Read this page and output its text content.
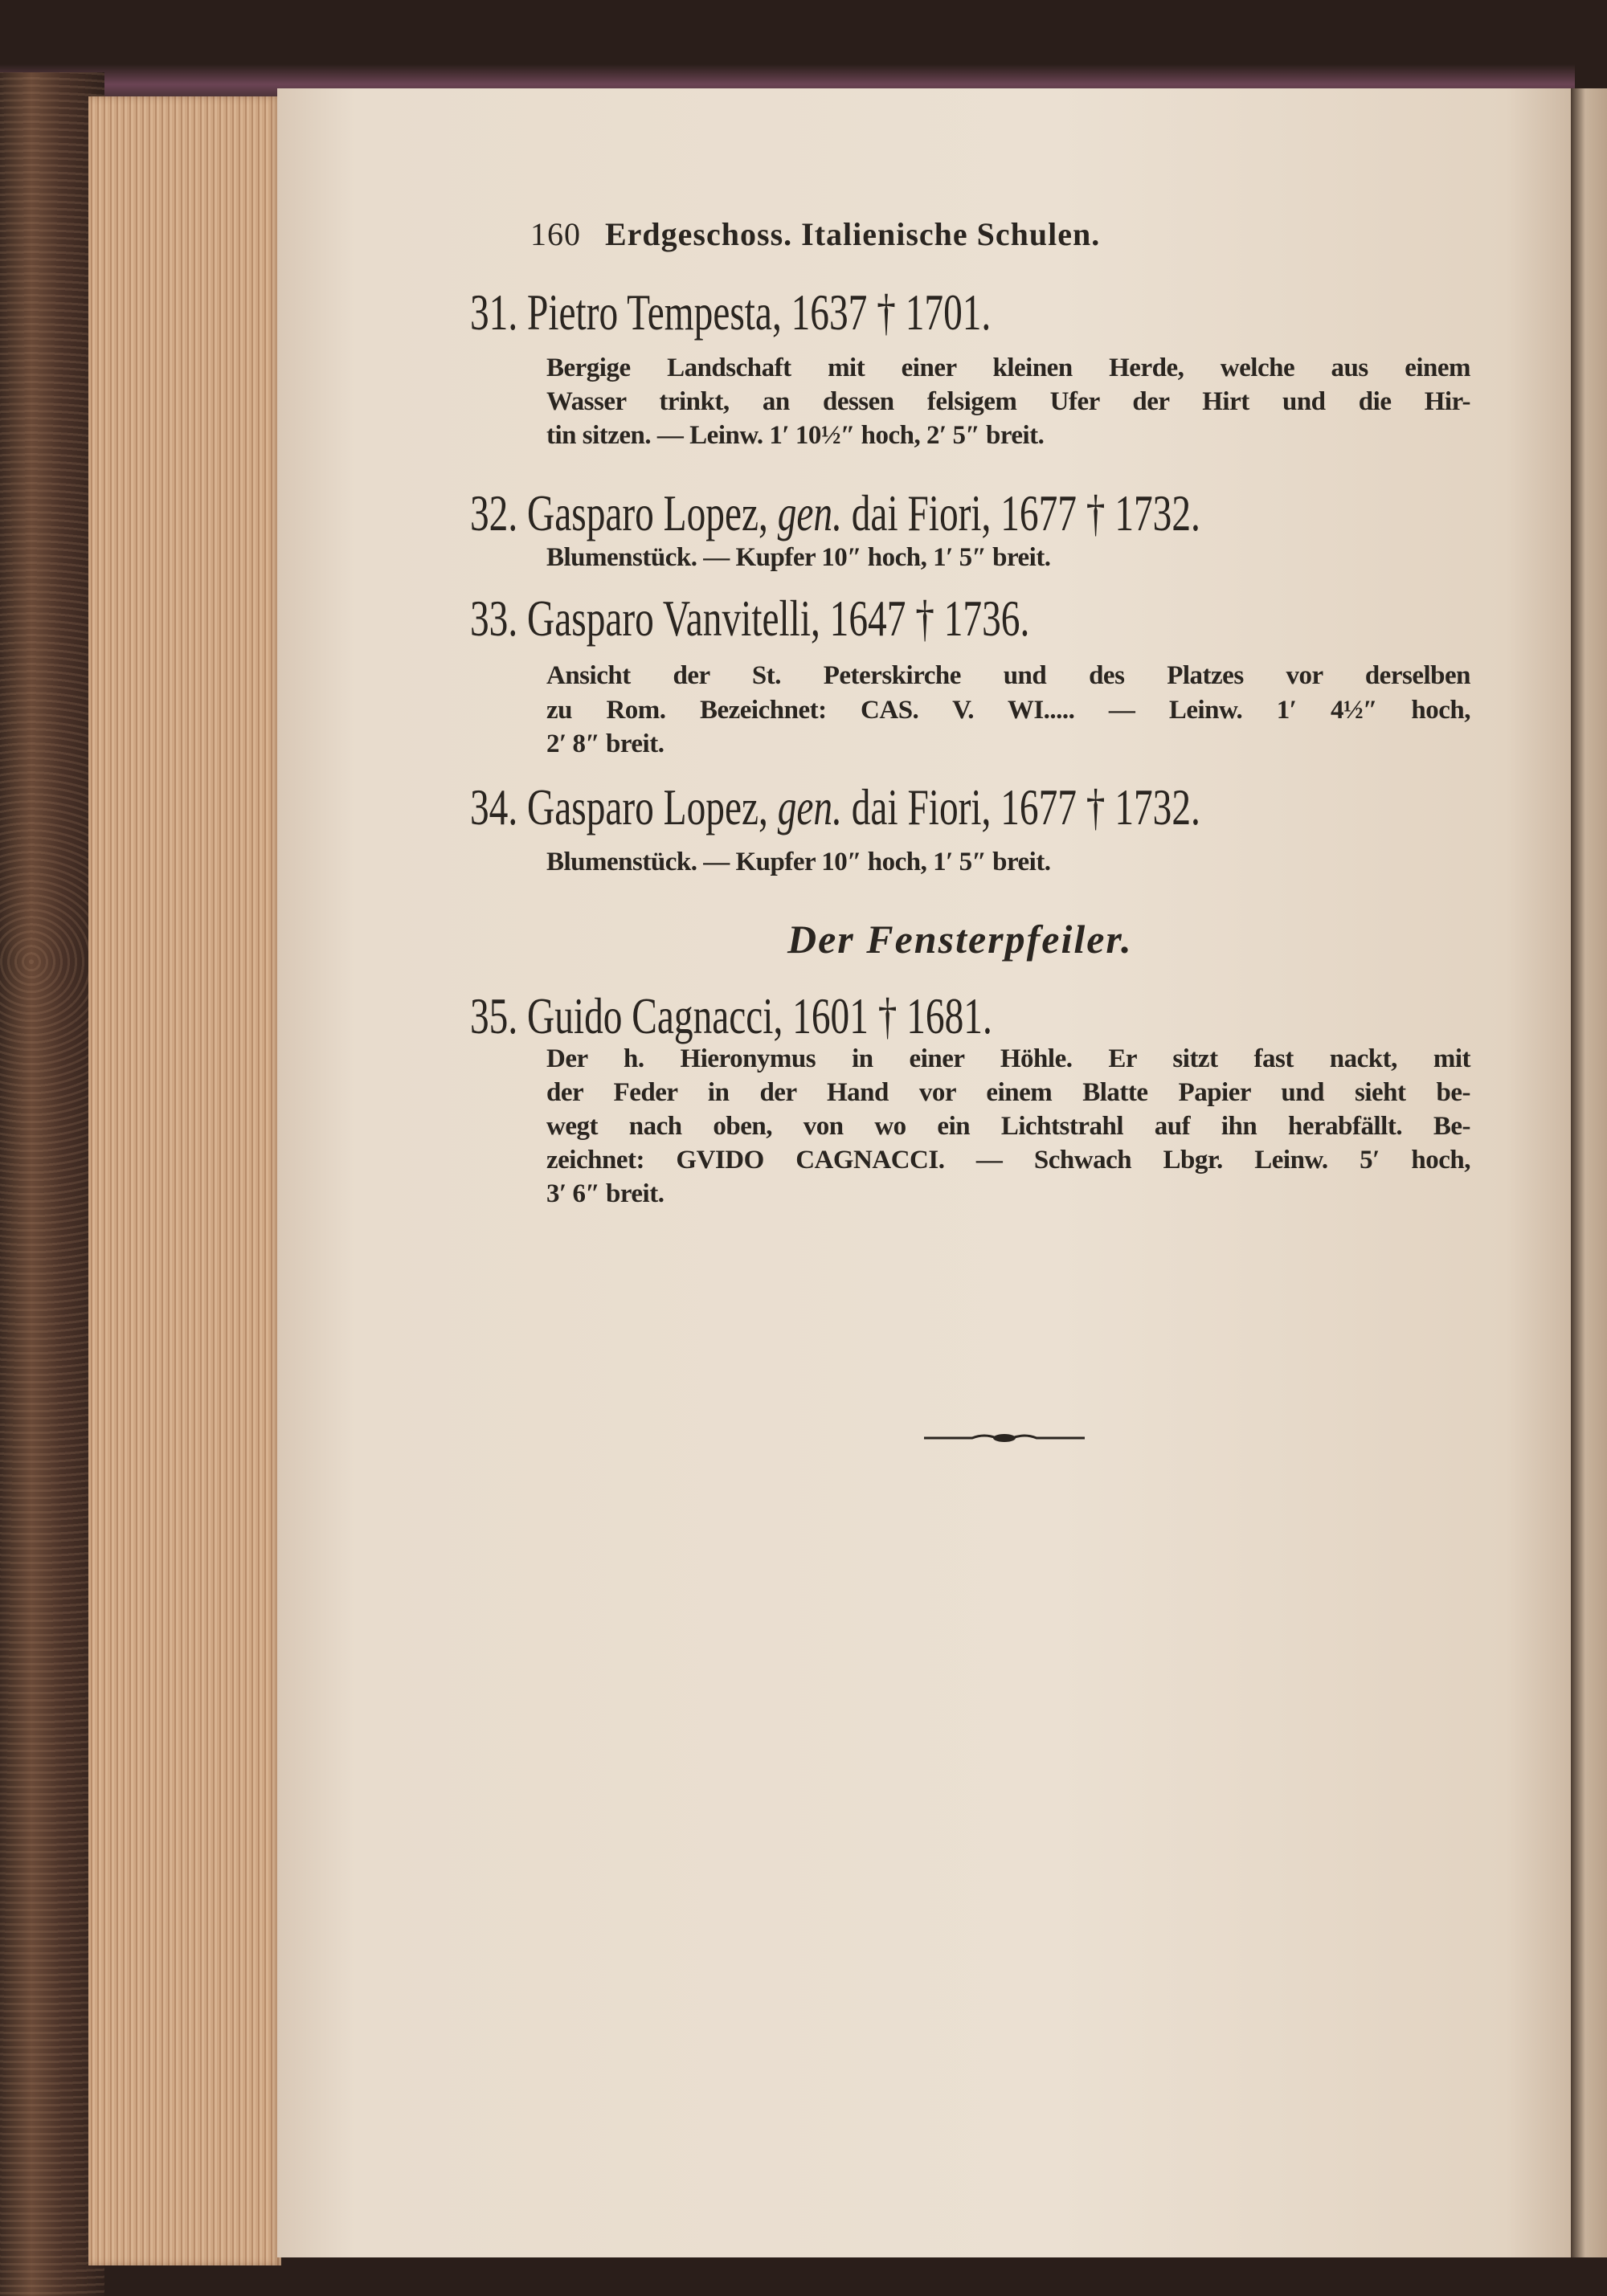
160 Erdgeschoss. Italienische Schulen.
31. Pietro Tempesta, 1637 † 1701.
Bergige Landschaft mit einer kleinen Herde, welche aus einem
Wasser trinkt, an dessen felsigem Ufer der Hirt und die Hir-
tin sitzen. — Leinw. 1′ 10½″ hoch, 2′ 5″ breit.
32. Gasparo Lopez, gen. dai Fiori, 1677 † 1732.
Blumenstück. — Kupfer 10″ hoch, 1′ 5″ breit.
33. Gasparo Vanvitelli, 1647 † 1736.
Ansicht der St. Peterskirche und des Platzes vor derselben
zu Rom. Bezeichnet: CAS. V. WI..... — Leinw. 1′ 4½″ hoch,
2′ 8″ breit.
34. Gasparo Lopez, gen. dai Fiori, 1677 † 1732.
Blumenstück. — Kupfer 10″ hoch, 1′ 5″ breit.
Der Fensterpfeiler.
35. Guido Cagnacci, 1601 † 1681.
Der h. Hieronymus in einer Höhle. Er sitzt fast nackt, mit
der Feder in der Hand vor einem Blatte Papier und sieht be-
wegt nach oben, von wo ein Lichtstrahl auf ihn herabfällt. Be-
zeichnet: GVIDO CAGNACCI. — Schwach Lbgr. Leinw. 5′ hoch,
3′ 6″ breit.
